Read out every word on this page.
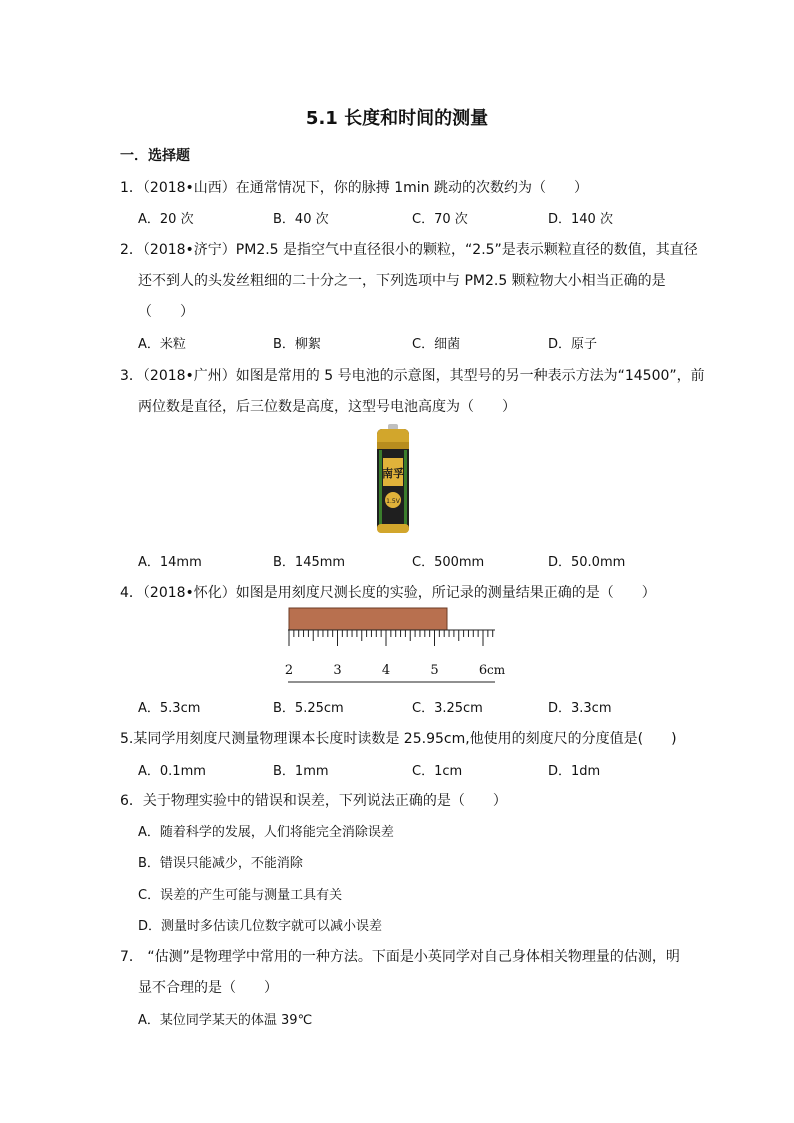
5.1 长度和时间的测量
一．选择题
1．（2018•山西）在通常情况下，你的脉搏 1min 跳动的次数约为（　　）
A．20 次	B．40 次	C．70 次	D．140 次
2．（2018•济宁）PM2.5 是指空气中直径很小的颗粒，“2.5”是表示颗粒直径的数值，其直径
还不到人的头发丝粗细的二十分之一，下列选项中与 PM2.5 颗粒物大小相当正确的是
（　　）
A．米粒	B．柳絮	C．细菌	D．原子
3．（2018•广州）如图是常用的 5 号电池的示意图，其型号的另一种表示方法为“14500”，前
两位数是直径，后三位数是高度，这型号电池高度为（　　）
南孚
1.5V
A．14mm	B．145mm	C．500mm	D．50.0mm
4．（2018•怀化）如图是用刻度尺测长度的实验，所记录的测量结果正确的是（　　）
2	3	4	5	6 cm
A．5.3cm	B．5.25cm	C．3.25cm	D．3.3cm
5.某同学用刻度尺测量物理课本长度时读数是 25.95cm,他使用的刻度尺的分度值是(　　)
A．0.1mm	B．1mm	C．1cm	D．1dm
6．关于物理实验中的错误和误差，下列说法正确的是（　　）
A．随着科学的发展，人们将能完全消除误差
B．错误只能减少，不能消除
C．误差的产生可能与测量工具有关
D．测量时多估读几位数字就可以减小误差
7． “估测”是物理学中常用的一种方法。下面是小英同学对自己身体相关物理量的估测，明
显不合理的是（　　）
A．某位同学某天的体温 39℃
